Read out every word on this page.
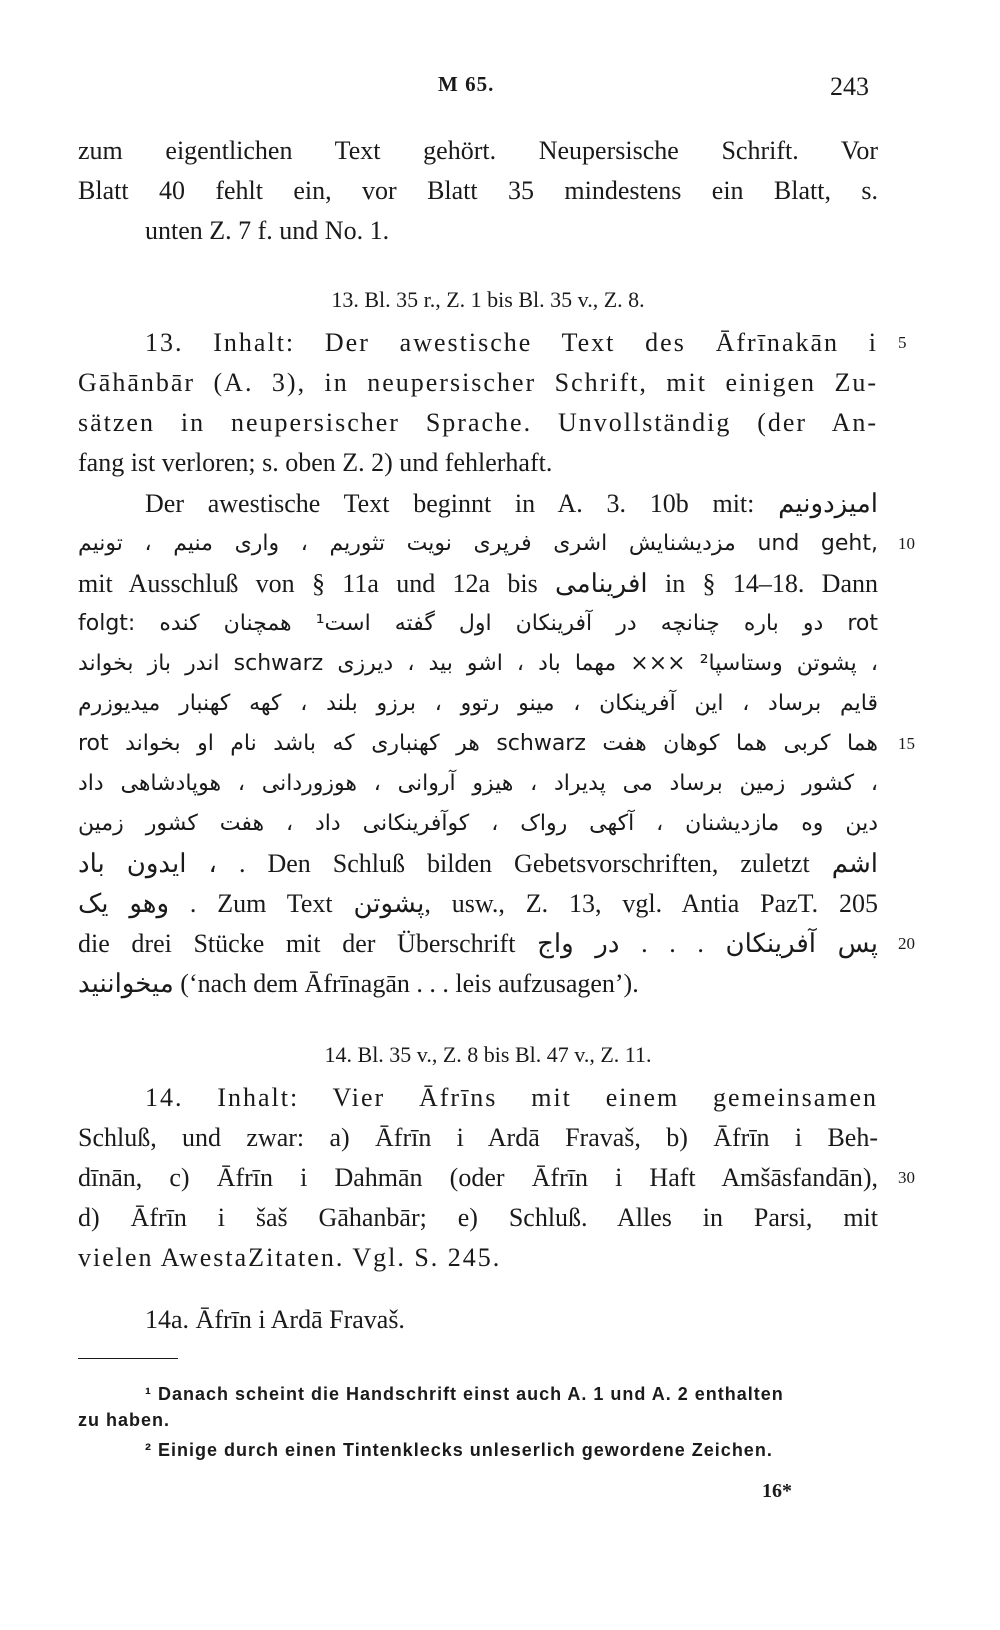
M 65.	243
zum eigentlichen Text gehört. Neupersische Schrift. Vor
Blatt 40 fehlt ein, vor Blatt 35 mindestens ein Blatt, s.
unten Z. 7 f. und No. 1.
13. Bl. 35 r., Z. 1 bis Bl. 35 v., Z. 8.
13. Inhalt: Der awestische Text des Āfrīnakān i 5
Gāhānbār (A. 3), in neupersischer Schrift, mit einigen Zu-
sätzen in neupersischer Sprache. Unvollständig (der An-
fang ist verloren; s. oben Z. 2) und fehlerhaft.
Der awestische Text beginnt in A. 3. 10b mit: امیزدونیم
مزدیشنایش اشری فرپری نویت تثوریم ، واری منیم ، تونیم und geht, 10
mit Ausschluß von § 11a und 12a bis افرینامی in § 14–18. Dann
folgt: دو باره چنانچه در آفرینکان اول گفته است¹ همچنان کنده rot
اندر باز بخواند schwarz پشوتن وستاسپا² ××× مهما باد ، اشو بید ، دیرزی ،
قایم برساد ، این آفرینکان ، مینو رتوو ، برزو بلند ، کهه کهنبار میدیوزرم
rot هر کهنباری که باشد نام او بخواند schwarz هما کربی هما کوهان هفت 15
کشور زمین برساد می پدیراد ، هیزو آروانی ، هوزوردانی ، هوپادشاهی داد ،
دین وه مازدیشنان ، آکهی رواک ، کوآفرینکانی داد ، هفت کشور زمین
ایدون باد ، . Den Schluß bilden Gebetsvorschriften, zuletzt اشم
وهو یک . Zum Text پشوتن, usw., Z. 13, vgl. Antia PazT. 205
die drei Stücke mit der Überschrift پس آفرینکان . . . در واج 20
میخواننید (‘nach dem Āfrīnagān . . . leis aufzusagen’).
14. Bl. 35 v., Z. 8 bis Bl. 47 v., Z. 11.
14. Inhalt: Vier Āfrīns mit einem gemeinsamen
Schluß, und zwar: a) Āfrīn i Ardā Fravaš, b) Āfrīn i Beh-
dīnān, c) Āfrīn i Dahmān (oder Āfrīn i Haft Amšāsfandān), 30
d) Āfrīn i šaš Gāhanbār; e) Schluß. Alles in Parsi, mit
vielen AwestaZitaten. Vgl. S. 245.
14a. Āfrīn i Ardā Fravaš.
¹ Danach scheint die Handschrift einst auch A. 1 und A. 2 enthalten
zu haben.
² Einige durch einen Tintenklecks unleserlich gewordene Zeichen.
16*
